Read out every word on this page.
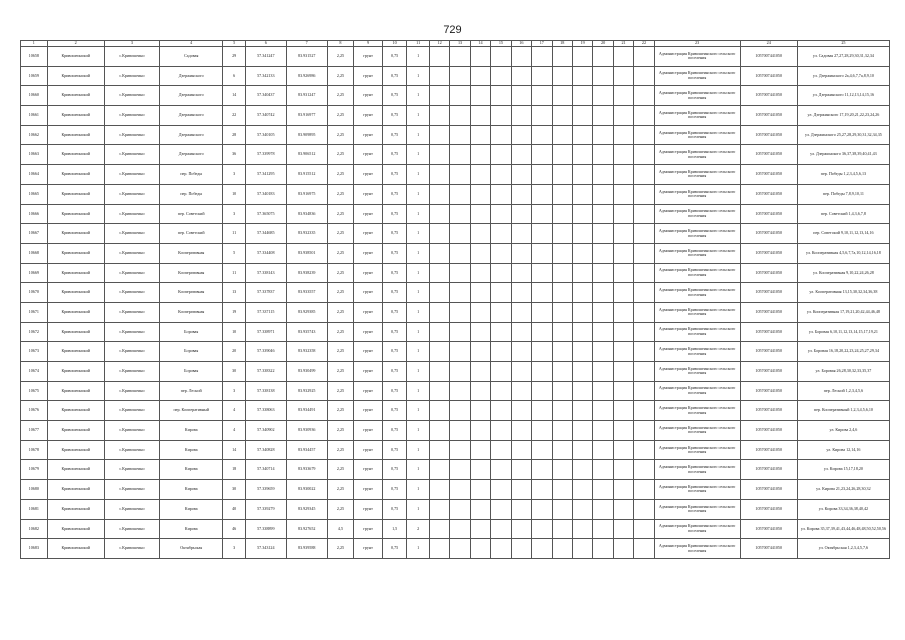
729
1	2	3	4	5	6	7	8	9	10	11	12	13	14	15	16	17	18	19	20	21	22	23	24	25
10658	Кривошеинский	с.Кривошеино	Садовая	29	57.341247	83.931527	2,25	грунт	0,75	1												Администрация Кривошеинского сельского поселения	1057007441050	ул. Садовая 27,27,28,29,30,31,32,34
10659	Кривошеинский	с.Кривошеино	Дзержинского	6	57.342133	83.926986	2,25	грунт	0,75	1												Администрация Кривошеинского сельского поселения	1057007441050	ул. Дзержинского 2а,4,6,7,7а,8,9,10
10660	Кривошеинский	с.Кривошеино	Дзержинского	14	57.340437	83.931247	2,25	грунт	0,75	1												Администрация Кривошеинского сельского поселения	1057007441050	ул. Дзержинского 11,12,13,14,15,16
10661	Кривошеинский	с.Кривошеино	Дзержинского	22	57.340742	83.916977	2,25	грунт	0,75	1												Администрация Кривошеинского сельского поселения	1057007441050	ул. Дзержинского 17,19,20,21,22,23,24,26
10662	Кривошеинский	с.Кривошеино	Дзержинского	28	57.340105	83.909895	2,25	грунт	0,75	1												Администрация Кривошеинского сельского поселения	1057007441050	ул. Дзержинского 25,27,28,29,30,31,32,34,35
10663	Кривошеинский	с.Кривошеино	Дзержинского	36	57.339978	83.906512	2,25	грунт	0,75	1												Администрация Кривошеинского сельского поселения	1057007441050	ул. Дзержинского 36,37,38,39,40,41,43
10664	Кривошеинский	с.Кривошеино	пер. Победы	3	57.341295	83.915512	2,25	грунт	0,75	1												Администрация Кривошеинского сельского поселения	1057007441050	пер. Победы 1,2,3,4,5,6,13
10665	Кривошеинский	с.Кривошеино	пер. Победы	10	57.340183	83.916975	2,25	грунт	0,75	1												Администрация Кривошеинского сельского поселения	1057007441050	пер. Победы 7,8,9,10,11
10666	Кривошеинский	с.Кривошеино	пер. Советский	3	57.365075	83.934836	2,25	грунт	0,75	1												Администрация Кривошеинского сельского поселения	1057007441050	пер. Советский 1,4,3,6,7,8
10667	Кривошеинский	с.Кривошеино	пер. Советский	11	57.344685	83.932335	2,25	грунт	0,75	1												Администрация Кривошеинского сельского поселения	1057007441050	пер. Советский 9,10,11,12,13,14,16
10668	Кривошеинский	с.Кривошеино	Кооперативная	5	57.334408	83.938501	2,25	грунт	0,75	1												Администрация Кривошеинского сельского поселения	1057007441050	ул. Кооперативная 4,5,6,7,7а,10,12,14,16,18
10669	Кривошеинский	с.Кривошеино	Кооперативная	11	57.338143	83.938239	2,25	грунт	0,75	1												Администрация Кривошеинского сельского поселения	1057007441050	ул. Кооперативная 9,10,22,24,26,28
10670	Кривошеинский	с.Кривошеино	Кооперативная	13	57.337837	83.933557	2,25	грунт	0,75	1												Администрация Кривошеинского сельского поселения	1057007441050	ул. Кооперативная 13,15,30,32,34,36,38
10671	Кривошеинский	с.Кривошеино	Кооперативная	19	57.337115	83.929385	2,25	грунт	0,75	1												Администрация Кривошеинского сельского поселения	1057007441050	ул. Кооперативная 17,19,21,20,42,44,46,48
10672	Кривошеинский	с.Кривошеино	Боровая	10	57.338971	83.935743	2,25	грунт	0,75	1												Администрация Кривошеинского сельского поселения	1057007441050	ул. Боровая 6,10,11,12,13,14,15,17,19,21
10673	Кривошеинский	с.Кривошеино	Боровая	20	57.339046	83.932358	2,25	грунт	0,75	1												Администрация Кривошеинского сельского поселения	1057007441050	ул. Боровая 16,18,20,22,23,24,25,27,29,34
10674	Кривошеинский	с.Кривошеино	Боровая	30	57.338322	83.930499	2,25	грунт	0,75	1												Администрация Кривошеинского сельского поселения	1057007441050	ул. Боровая 26,28,30,32,33,35,37
10675	Кривошеинский	с.Кривошеино	пер. Лесной	3	57.338138	83.932925	2,25	грунт	0,75	1												Администрация Кривошеинского сельского поселения	1057007441050	пер. Лесной 1,2,3,4,5,6
10676	Кривошеинский	с.Кривошеино	пер. Кооперативный	4	57.338063	83.934491	2,25	грунт	0,75	1												Администрация Кривошеинского сельского поселения	1057007441050	пер. Кооперативный 1,2,3,4,5,6,10
10677	Кривошеинский	с.Кривошеино	Кирова	4	57.340902	83.930936	2,25	грунт	0,75	1												Администрация Кривошеинского сельского поселения	1057007441050	ул. Кирова 2,4,6
10678	Кривошеинский	с.Кривошеино	Кирова	14	57.340828	83.934457	2,25	грунт	0,75	1												Администрация Кривошеинского сельского поселения	1057007441050	ул. Кирова 12,14,16
10679	Кривошеинский	с.Кривошеино	Кирова	18	57.340714	83.933679	2,25	грунт	0,75	1												Администрация Кривошеинского сельского поселения	1057007441050	ул. Кирова 15,17,18,20
10680	Кривошеинский	с.Кривошеино	Кирова	30	57.339659	83.930022	2,25	грунт	0,75	1												Администрация Кривошеинского сельского поселения	1057007441050	ул. Кирова 21,23,24,26,28,30,32
10681	Кривошеинский	с.Кривошеино	Кирова	40	57.339279	83.929345	2,25	грунт	0,75	1												Администрация Кривошеинского сельского поселения	1057007441050	ул. Кирова 33,34,36,38,40,42
10682	Кривошеинский	с.Кривошеино	Кирова	46	57.338899	83.927652	4,5	грунт	1,5	2												Администрация Кривошеинского сельского поселения	1057007441050	ул. Кирова 35,37,39,41,43,44,46,48,48,50,52,50,56
10683	Кривошеинский	с.Кривошеино	Октябрьская	3	57.343124	83.939588	2,25	грунт	0,75	1												Администрация Кривошеинского сельского поселения	1057007441050	ул. Октябрьская 1,2,3,4,5,7,6
